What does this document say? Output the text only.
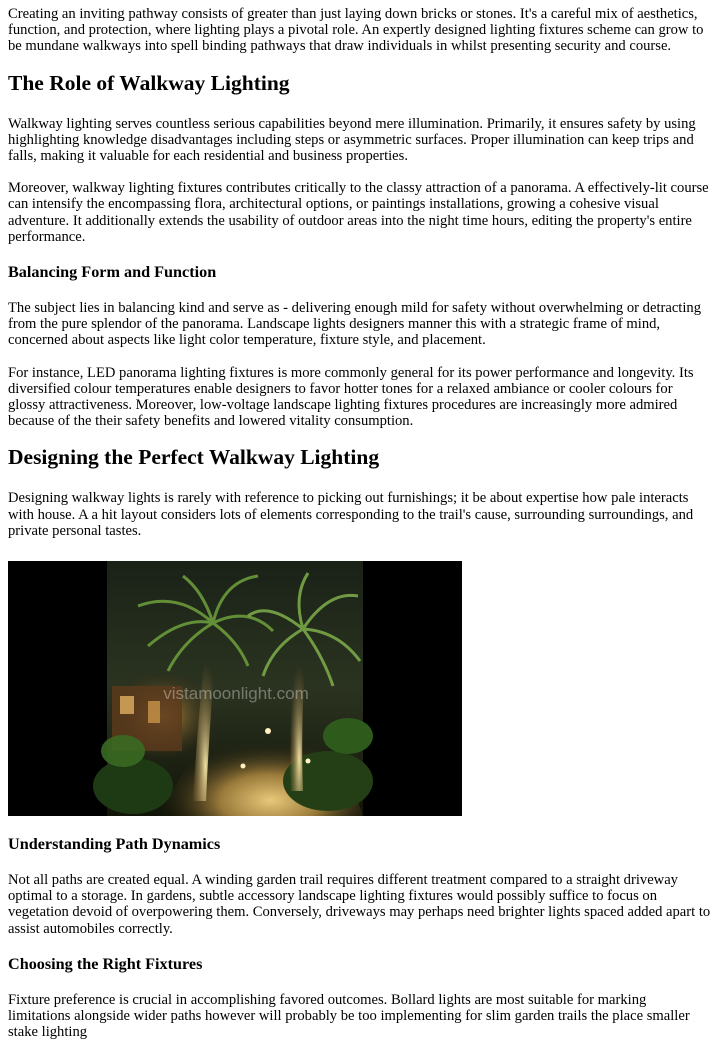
Creating an inviting pathway consists of greater than just laying down bricks or stones. It's a careful mix of aesthetics, function, and protection, where lighting plays a pivotal role. An expertly designed lighting fixtures scheme can grow to be mundane walkways into spell binding pathways that draw individuals in whilst presenting security and course.

The Role of Walkway Lighting

Walkway lighting serves countless serious capabilities beyond mere illumination. Primarily, it ensures safety by using highlighting knowledge disadvantages including steps or asymmetric surfaces. Proper illumination can keep trips and falls, making it valuable for each residential and business properties.

Moreover, walkway lighting fixtures contributes critically to the classy attraction of a panorama. A effectively-lit course can intensify the encompassing flora, architectural options, or paintings installations, growing a cohesive visual adventure. It additionally extends the usability of outdoor areas into the night time hours, editing the property's entire performance.

Balancing Form and Function

The subject lies in balancing kind and serve as - delivering enough mild for safety without overwhelming or detracting from the pure splendor of the panorama. Landscape lights designers manner this with a strategic frame of mind, concerned about aspects like light color temperature, fixture style, and placement.

For instance, LED panorama lighting fixtures is more commonly general for its power performance and longevity. Its diversified colour temperatures enable designers to favor hotter tones for a relaxed ambiance or cooler colours for glossy attractiveness. Moreover, low-voltage landscape lighting fixtures procedures are increasingly more admired because of the their safety benefits and lowered vitality consumption.

Designing the Perfect Walkway Lighting

Designing walkway lights is rarely with reference to picking out furnishings; it be about expertise how pale interacts with house. A a hit layout considers lots of elements corresponding to the trail's cause, surrounding surroundings, and private personal tastes.

vistamoonlight.com
Understanding Path Dynamics

Not all paths are created equal. A winding garden trail requires different treatment compared to a straight driveway optimal to a storage. In gardens, subtle accessory landscape lighting fixtures would possibly suffice to focus on vegetation devoid of overpowering them. Conversely, driveways may perhaps need brighter lights spaced added apart to assist automobiles correctly.

Choosing the Right Fixtures

Fixture preference is crucial in accomplishing favored outcomes. Bollard lights are most suitable for marking limitations alongside wider paths however will probably be too implementing for slim garden trails the place smaller stake lighting
